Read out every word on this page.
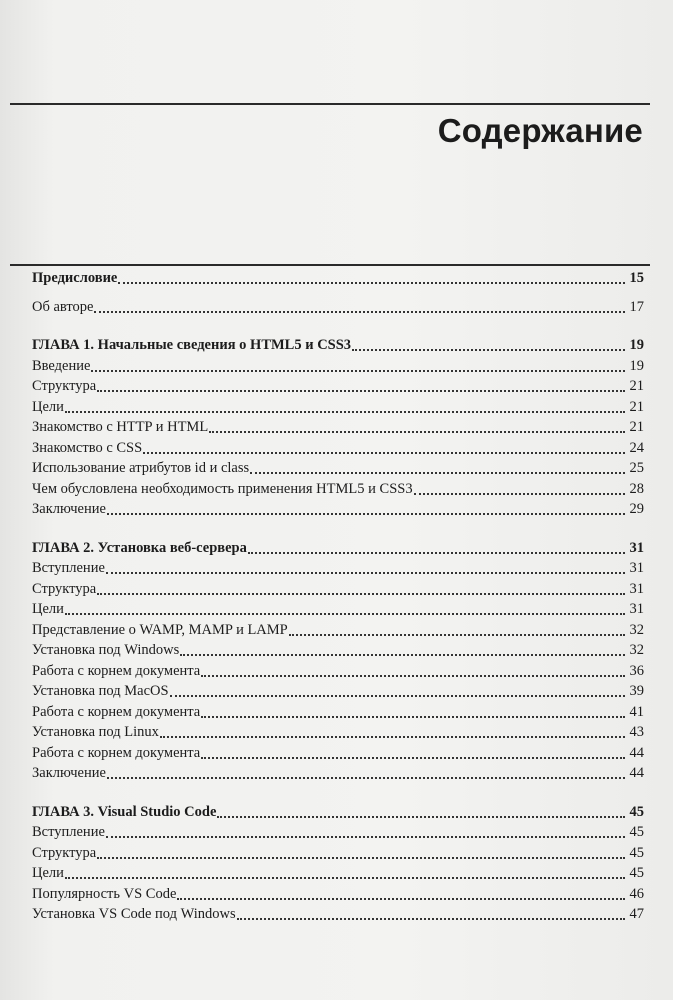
Содержание
Предисловие	15
Об авторе	17
ГЛАВА 1. Начальные сведения о HTML5 и CSS3	19
Введение	19
Структура	21
Цели	21
Знакомство с HTTP и HTML	21
Знакомство с CSS	24
Использование атрибутов id и class	25
Чем обусловлена необходимость применения HTML5 и CSS3	28
Заключение	29
ГЛАВА 2. Установка веб-сервера	31
Вступление	31
Структура	31
Цели	31
Представление о WAMP, MAMP и LAMP	32
Установка под Windows	32
Работа с корнем документа	36
Установка под MacOS	39
Работа с корнем документа	41
Установка под Linux	43
Работа с корнем документа	44
Заключение	44
ГЛАВА 3. Visual Studio Code	45
Вступление	45
Структура	45
Цели	45
Популярность VS Code	46
Установка VS Code под Windows	47
